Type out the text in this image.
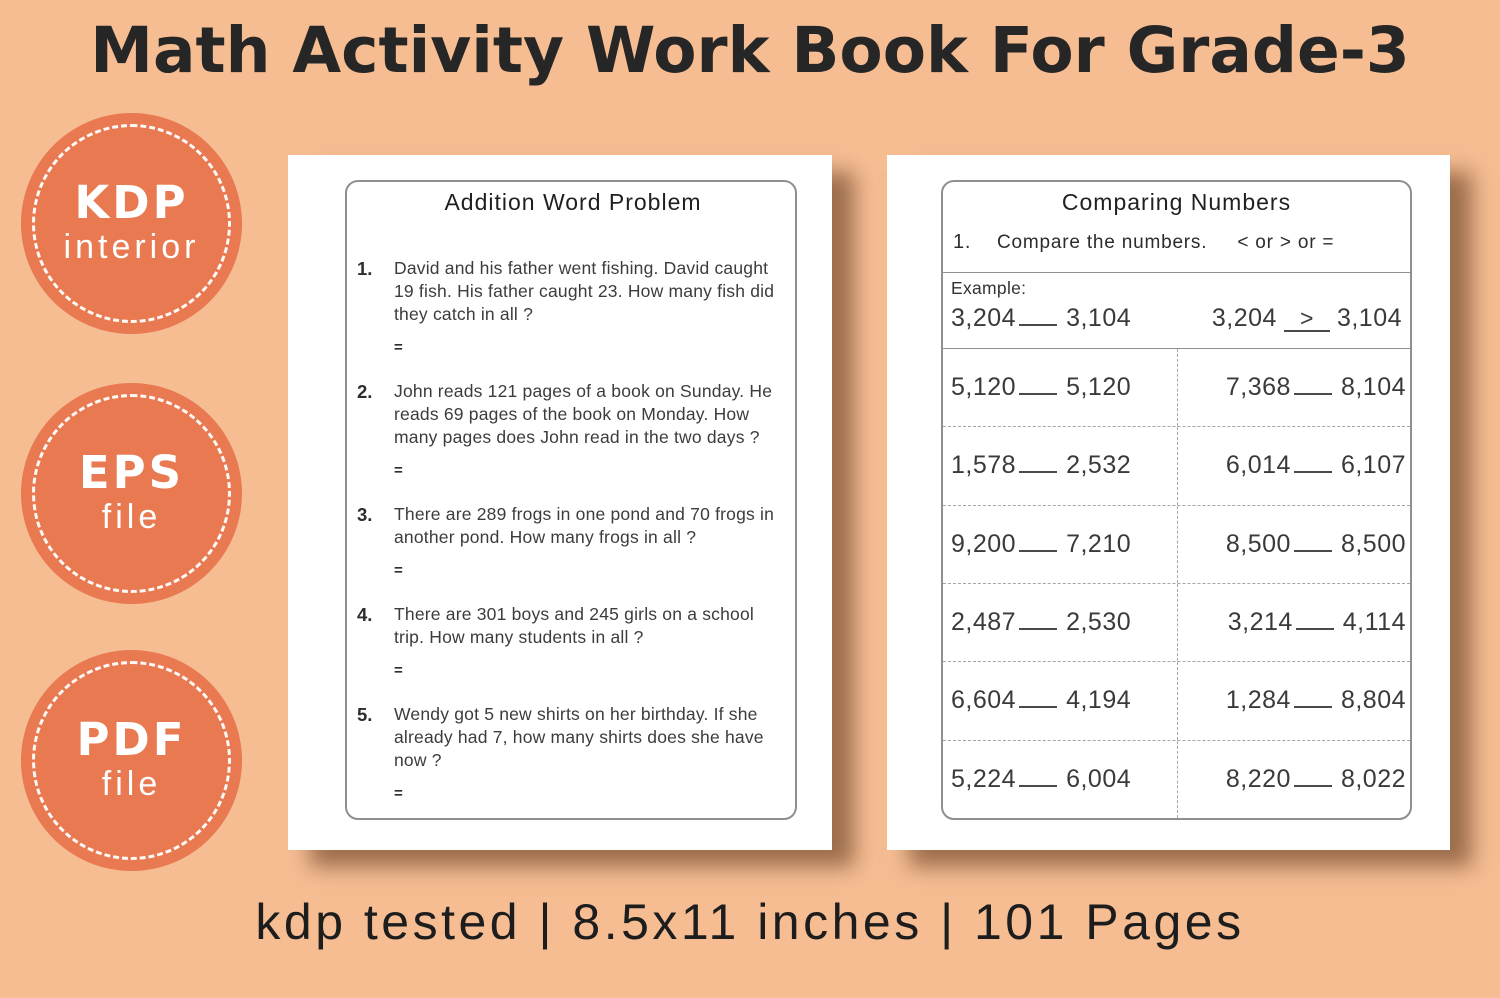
Math Activity Work Book For Grade-3
KDP
interior
EPS
file
PDF
file
Addition Word Problem
1.	David and his father went fishing. David caught 19 fish. His father caught 23. How many fish did they catch in all ?
=
2.	John reads 121 pages of a book on Sunday. He reads 69 pages of the book on Monday. How many pages does John read in the two days ?
=
3.	There are 289 frogs in one pond and 70 frogs in another pond. How many frogs in all ?
=
4.	There are 301 boys and 245 girls on a school trip. How many students in all ?
=
5.	Wendy got 5 new shirts on her birthday. If she already had 7, how many shirts does she have now ?
=
Comparing Numbers
1.	Compare the numbers. < or > or =
Example:
3,204 3,104	3,204 > 3,104
5,120 5,120	7,368 8,104
1,578 2,532	6,014 6,107
9,200 7,210	8,500 8,500
2,487 2,530	3,214 4,114
6,604 4,194	1,284 8,804
5,224 6,004	8,220 8,022
kdp tested | 8.5x11 inches | 101 Pages
